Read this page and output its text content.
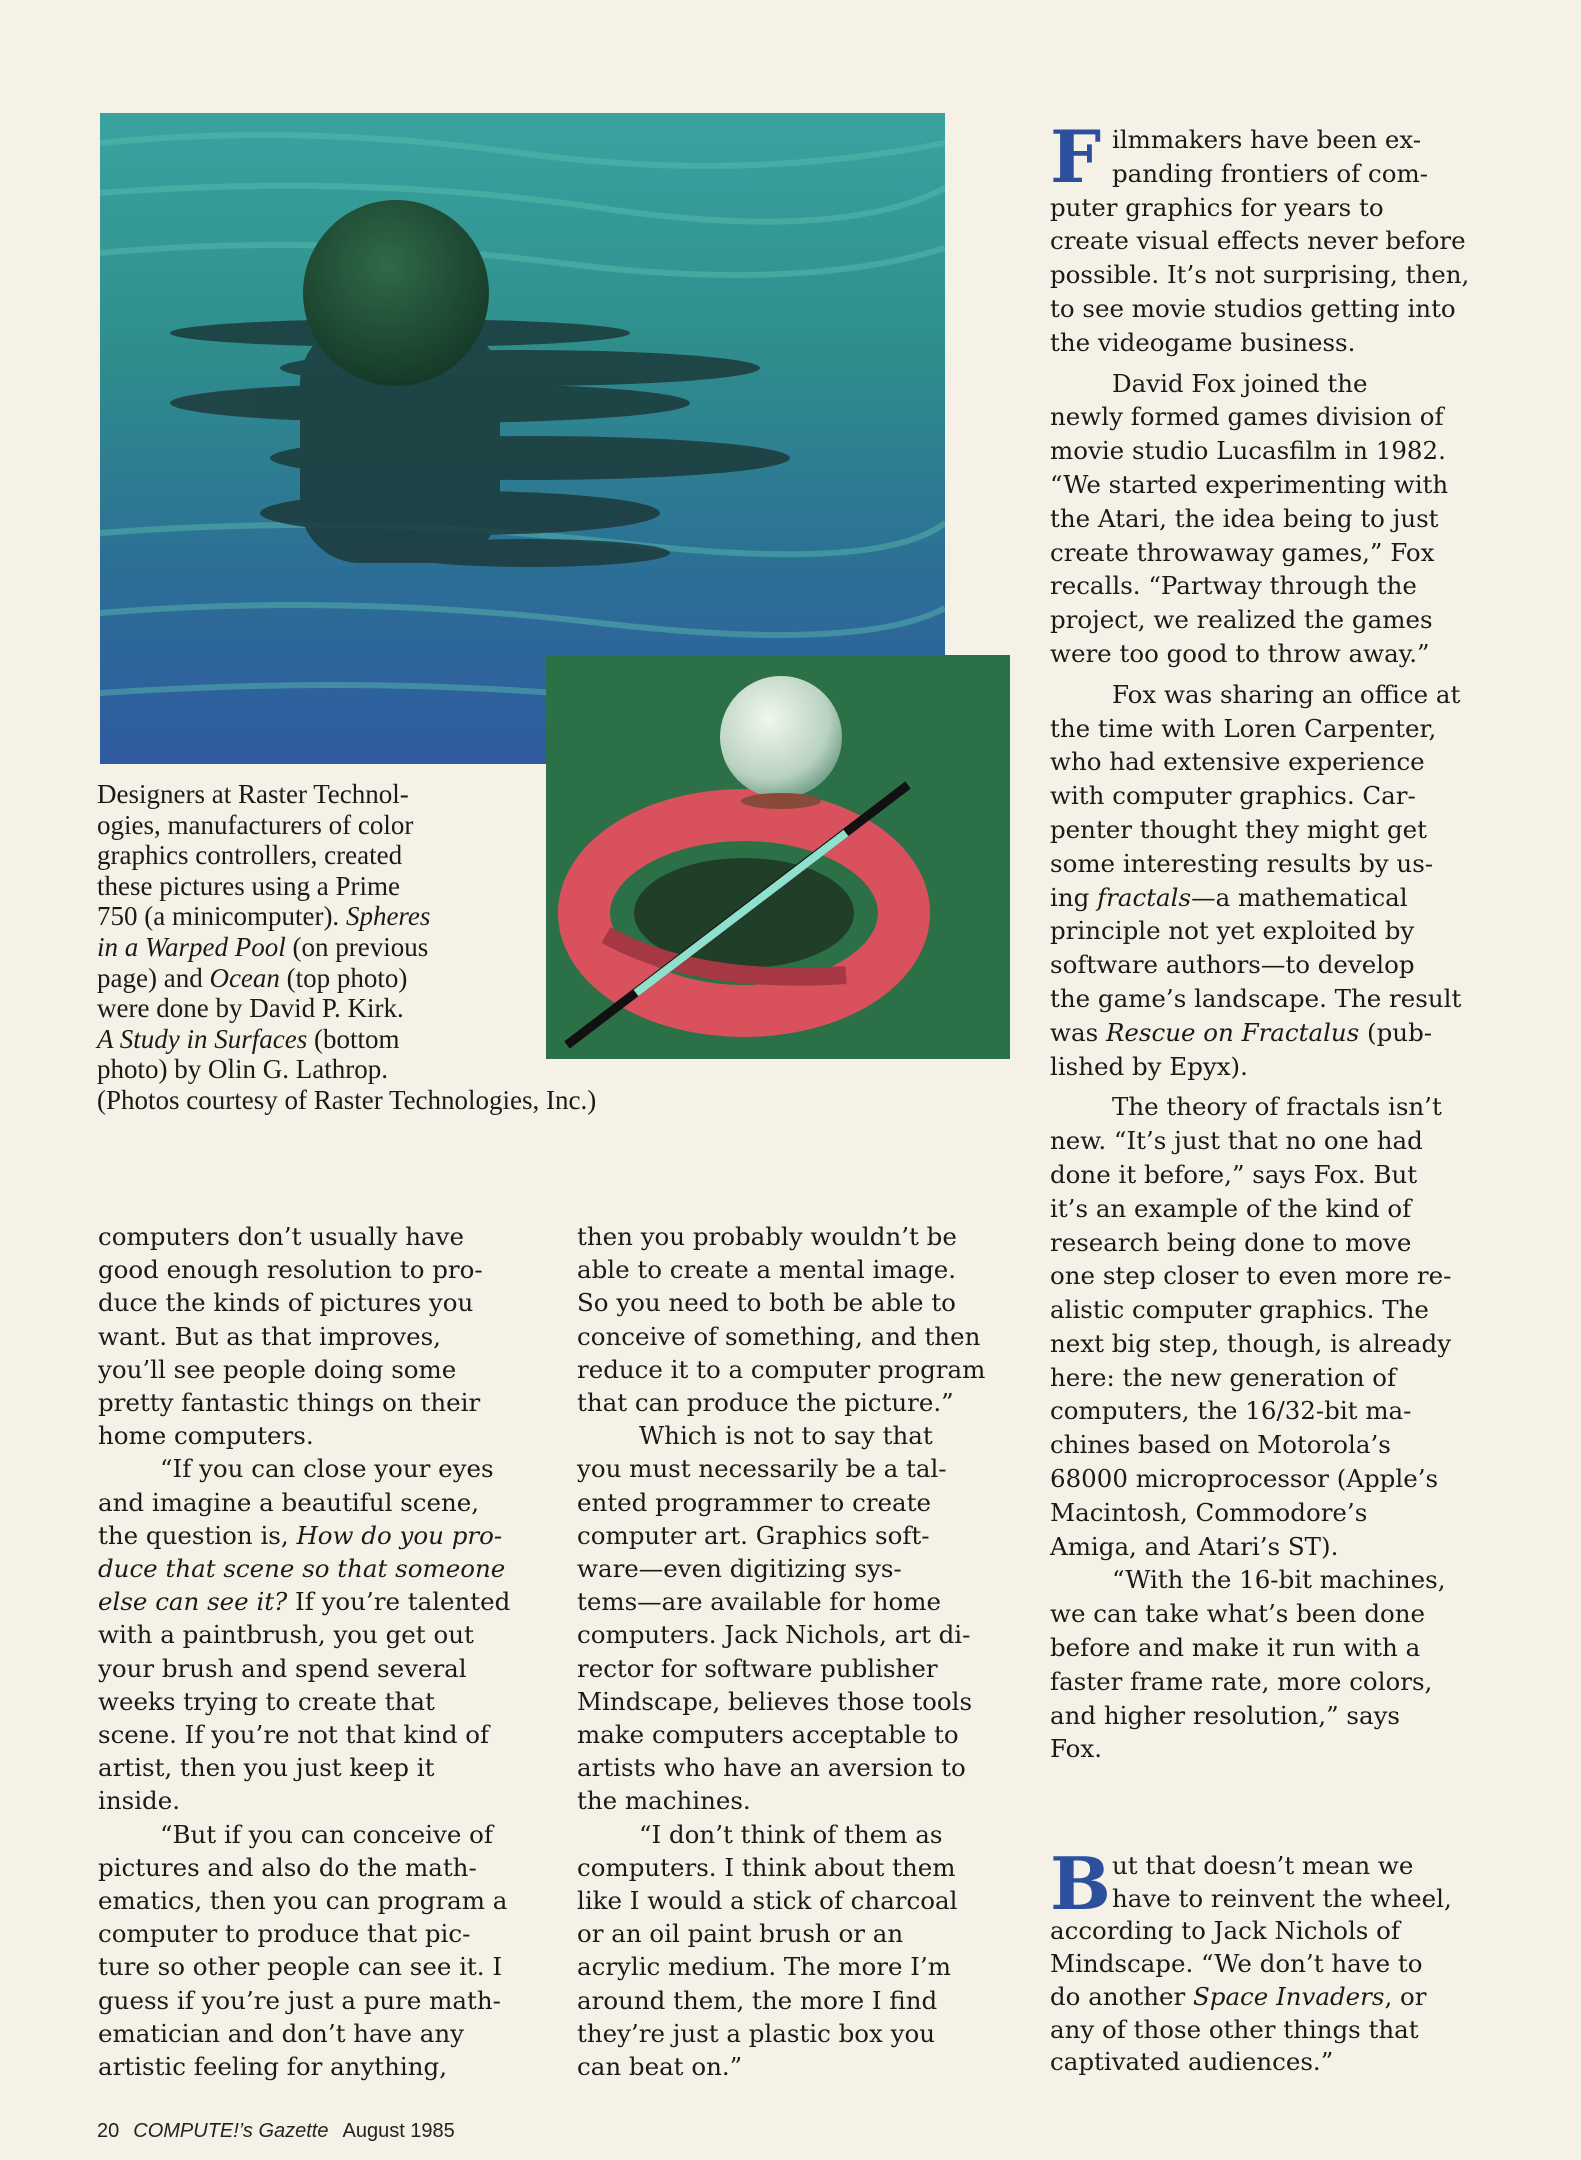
Designers at Raster Technol-
ogies, manufacturers of color
graphics controllers, created
these pictures using a Prime
750 (a minicomputer). Spheres
in a Warped Pool (on previous
page) and Ocean (top photo)
were done by David P. Kirk.
A Study in Surfaces (bottom
photo) by Olin G. Lathrop.
(Photos courtesy of Raster Technologies, Inc.)
computers don’t usually have
good enough resolution to pro-
duce the kinds of pictures you
want. But as that improves,
you’ll see people doing some
pretty fantastic things on their
home computers.
“If you can close your eyes
and imagine a beautiful scene,
the question is, How do you pro-
duce that scene so that someone
else can see it? If you’re talented
with a paintbrush, you get out
your brush and spend several
weeks trying to create that
scene. If you’re not that kind of
artist, then you just keep it
inside.
“But if you can conceive of
pictures and also do the math-
ematics, then you can program a
computer to produce that pic-
ture so other people can see it. I
guess if you’re just a pure math-
ematician and don’t have any
artistic feeling for anything,
then you probably wouldn’t be
able to create a mental image.
So you need to both be able to
conceive of something, and then
reduce it to a computer program
that can produce the picture.”
Which is not to say that
you must necessarily be a tal-
ented programmer to create
computer art. Graphics soft-
ware—even digitizing sys-
tems—are available for home
computers. Jack Nichols, art di-
rector for software publisher
Mindscape, believes those tools
make computers acceptable to
artists who have an aversion to
the machines.
“I don’t think of them as
computers. I think about them
like I would a stick of charcoal
or an oil paint brush or an
acrylic medium. The more I’m
around them, the more I find
they’re just a plastic box you
can beat on.”
F ilmmakers have been ex-
panding frontiers of com-
puter graphics for years to
create visual effects never before
possible. It’s not surprising, then,
to see movie studios getting into
the videogame business.
David Fox joined the
newly formed games division of
movie studio Lucasfilm in 1982.
“We started experimenting with
the Atari, the idea being to just
create throwaway games,” Fox
recalls. “Partway through the
project, we realized the games
were too good to throw away.”
Fox was sharing an office at
the time with Loren Carpenter,
who had extensive experience
with computer graphics. Car-
penter thought they might get
some interesting results by us-
ing fractals—a mathematical
principle not yet exploited by
software authors—to develop
the game’s landscape. The result
was Rescue on Fractalus (pub-
lished by Epyx).
The theory of fractals isn’t
new. “It’s just that no one had
done it before,” says Fox. But
it’s an example of the kind of
research being done to move
one step closer to even more re-
alistic computer graphics. The
next big step, though, is already
here: the new generation of
computers, the 16/32-bit ma-
chines based on Motorola’s
68000 microprocessor (Apple’s
Macintosh, Commodore’s
Amiga, and Atari’s ST).
“With the 16-bit machines,
we can take what’s been done
before and make it run with a
faster frame rate, more colors,
and higher resolution,” says
Fox.
B ut that doesn’t mean we
have to reinvent the wheel,
according to Jack Nichols of
Mindscape. “We don’t have to
do another Space Invaders, or
any of those other things that
captivated audiences.”
20 COMPUTE!’s Gazette August 1985
